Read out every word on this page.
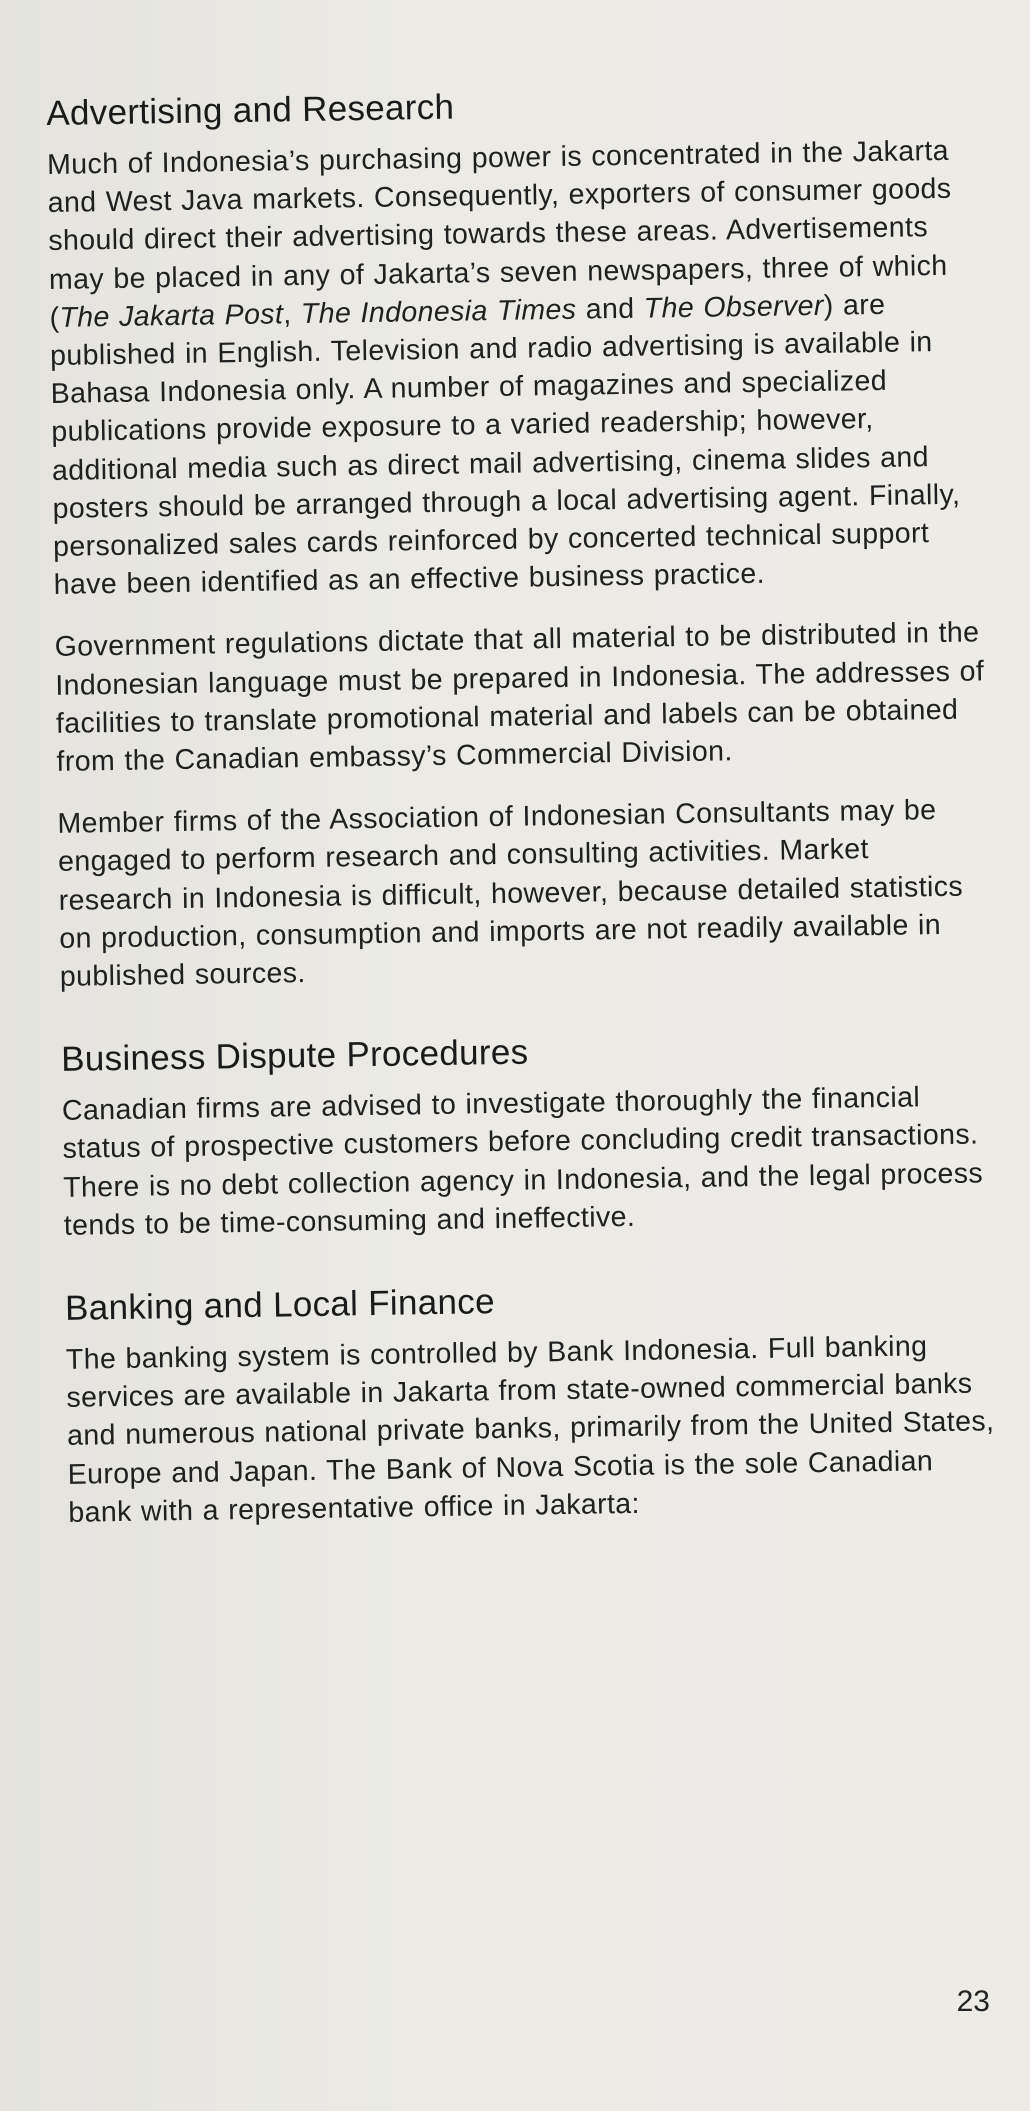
Advertising and Research

Much of Indonesia’s purchasing power is concentrated in the Jakarta and West Java markets. Consequently, exporters of consumer goods should direct their advertising towards these areas. Advertisements may be placed in any of Jakarta’s seven newspapers, three of which (The Jakarta Post, The Indonesia Times and The Observer) are published in English. Television and radio advertising is available in Bahasa Indonesia only. A number of magazines and specialized publications provide exposure to a varied readership; however, additional media such as direct mail advertising, cinema slides and posters should be arranged through a local advertising agent. Finally, personalized sales cards reinforced by concerted technical support have been identified as an effective business practice.

Government regulations dictate that all material to be distributed in the Indonesian language must be prepared in Indonesia. The addresses of facilities to translate promotional material and labels can be obtained from the Canadian embassy’s Commercial Division.

Member firms of the Association of Indonesian Consultants may be engaged to perform research and consulting activities. Market research in Indonesia is difficult, however, because detailed statistics on production, consumption and imports are not readily available in published sources.

Business Dispute Procedures

Canadian firms are advised to investigate thoroughly the financial status of prospective customers before concluding credit transactions. There is no debt collection agency in Indonesia, and the legal process tends to be time-consuming and ineffective.

Banking and Local Finance

The banking system is controlled by Bank Indonesia. Full banking services are available in Jakarta from state-owned commercial banks and numerous national private banks, primarily from the United States, Europe and Japan. The Bank of Nova Scotia is the sole Canadian bank with a representative office in Jakarta:

23
